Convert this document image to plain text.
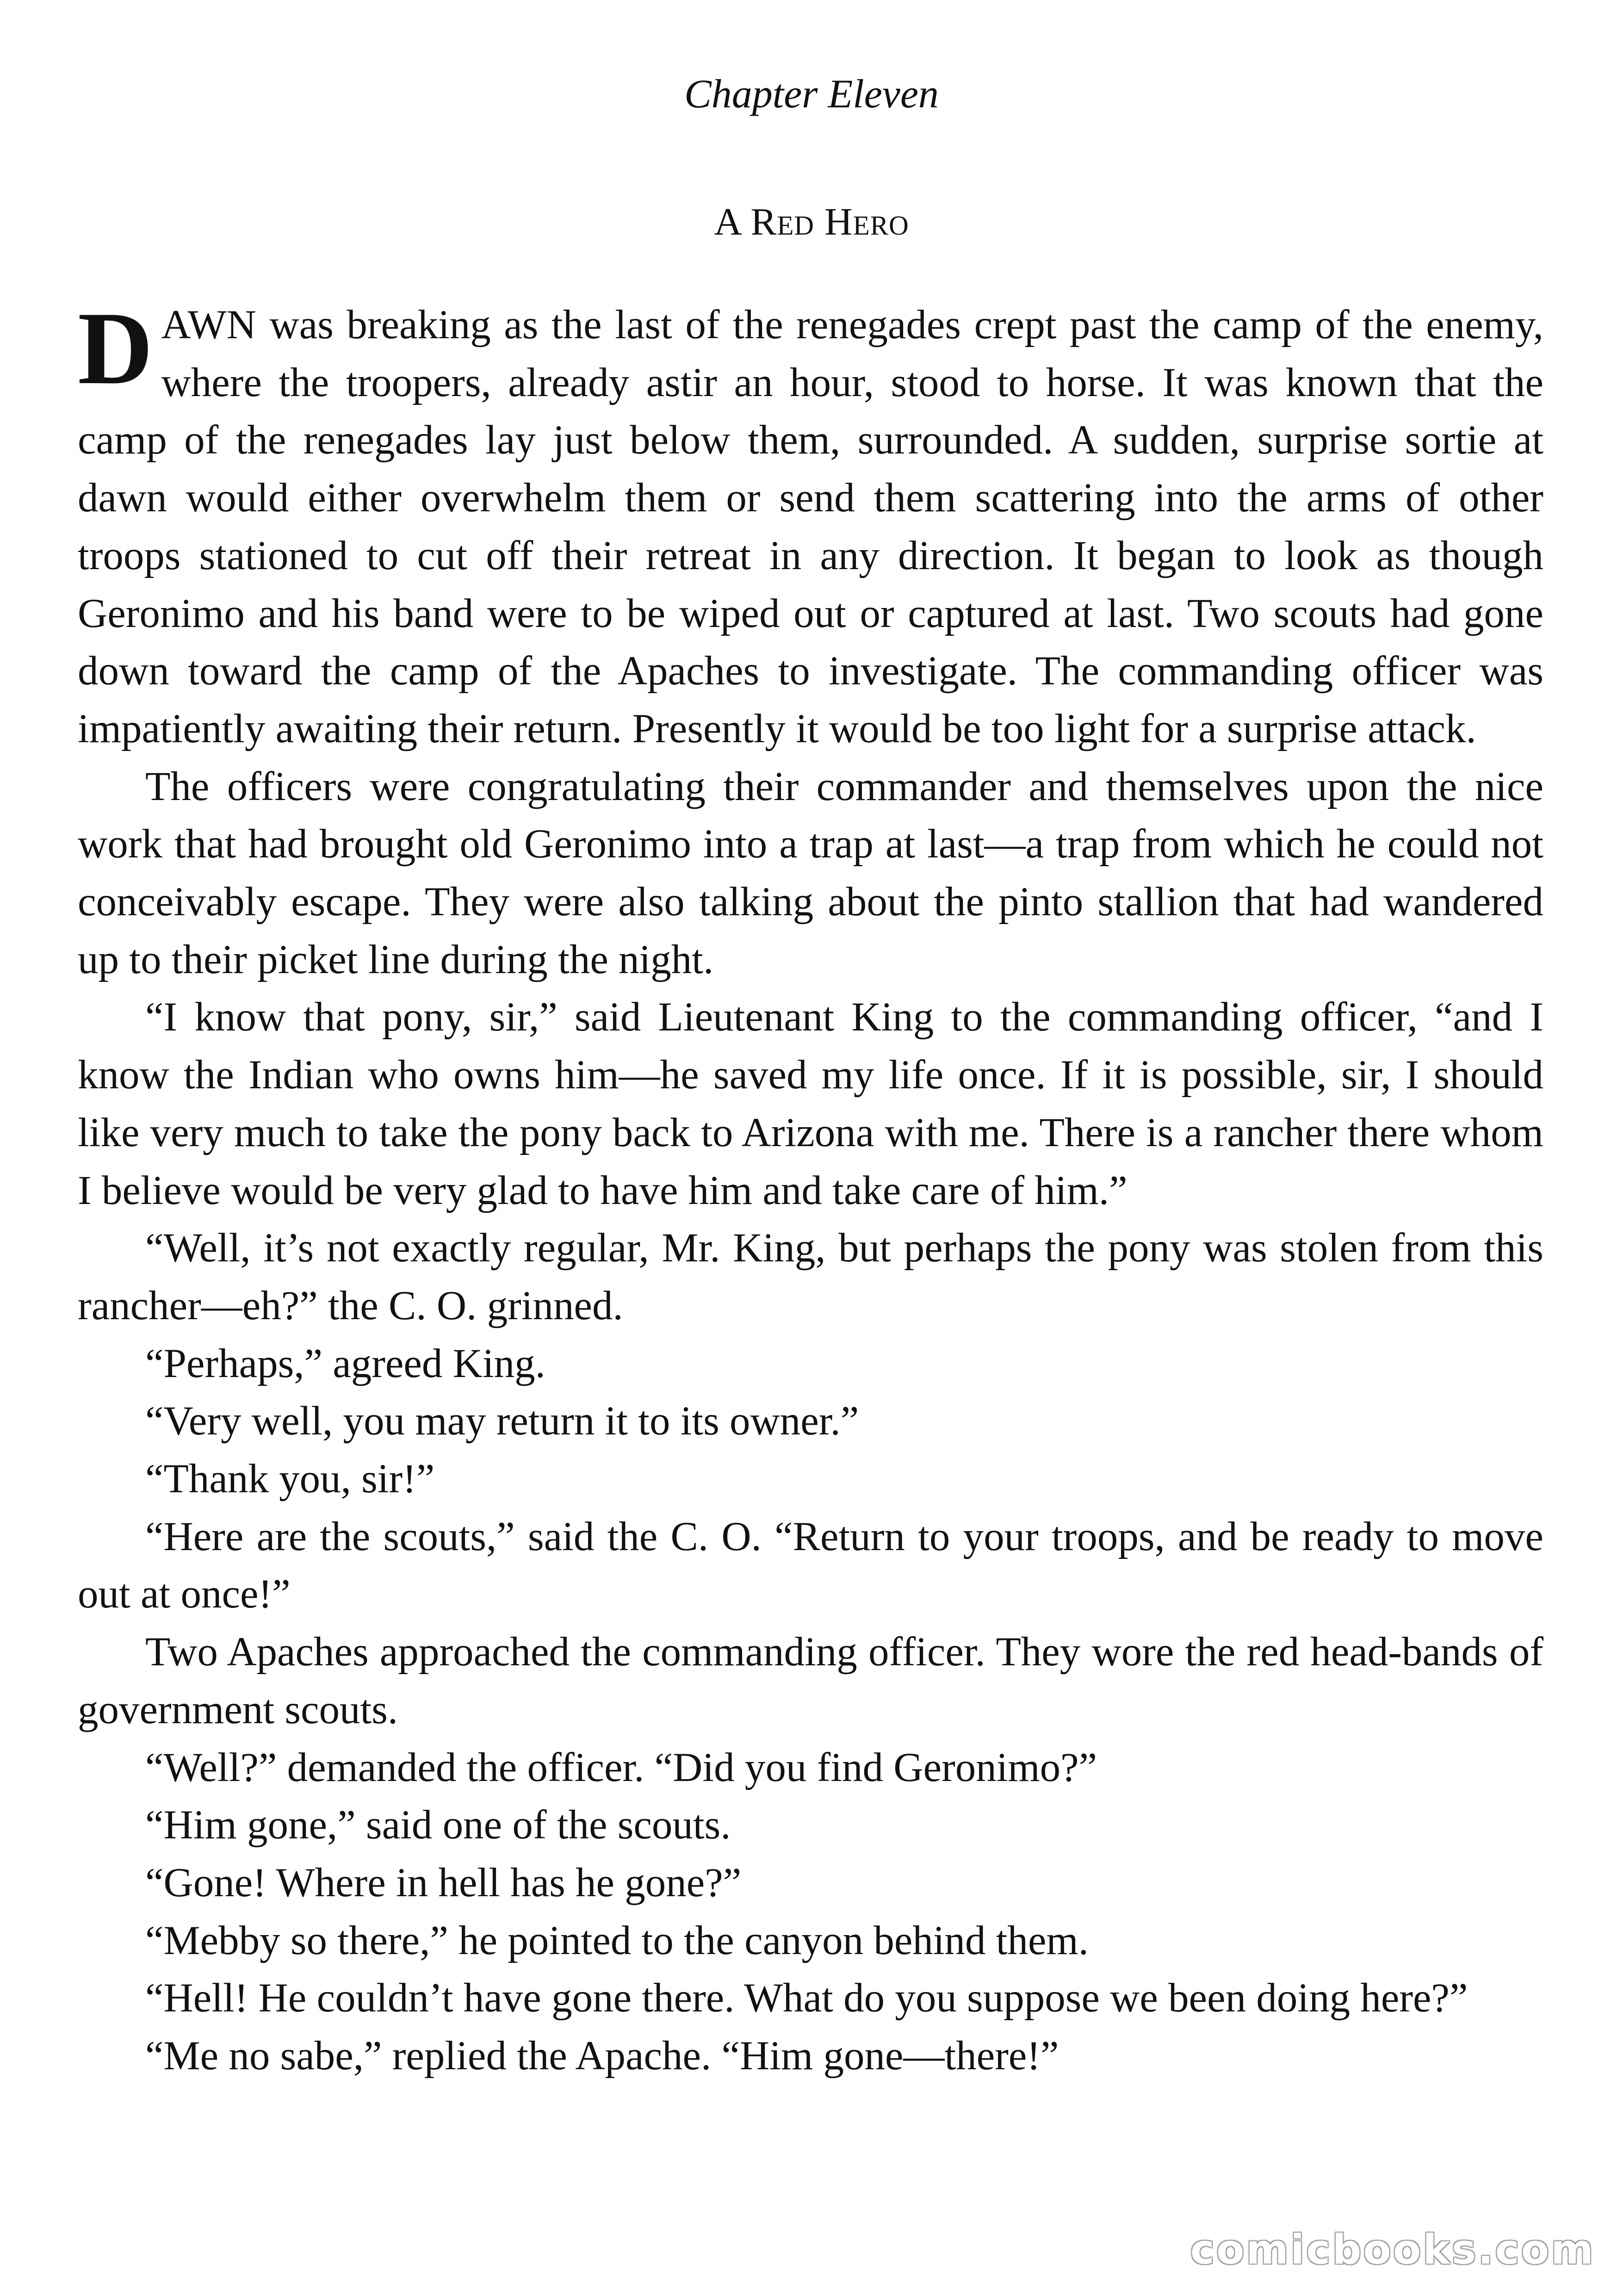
Chapter Eleven
A Red Hero

DAWN was breaking as the last of the renegades crept past the camp of the enemy, where the troopers, already astir an hour, stood to horse. It was known that the camp of the renegades lay just below them, surrounded. A sudden, surprise sortie at dawn would either overwhelm them or send them scattering into the arms of other troops stationed to cut off their retreat in any direction. It began to look as though Geronimo and his band were to be wiped out or captured at last. Two scouts had gone down toward the camp of the Apaches to investigate. The commanding officer was impatiently awaiting their return. Presently it would be too light for a surprise attack.

The officers were congratulating their commander and themselves upon the nice work that had brought old Geronimo into a trap at last—a trap from which he could not conceivably escape. They were also talking about the pinto stallion that had wandered up to their picket line during the night.

“I know that pony, sir,” said Lieutenant King to the commanding officer, “and I know the Indian who owns him—he saved my life once. If it is possible, sir, I should like very much to take the pony back to Arizona with me. There is a rancher there whom I believe would be very glad to have him and take care of him.”

“Well, it’s not exactly regular, Mr. King, but perhaps the pony was stolen from this rancher—eh?” the C. O. grinned.

“Perhaps,” agreed King.

“Very well, you may return it to its owner.”

“Thank you, sir!”

“Here are the scouts,” said the C. O. “Return to your troops, and be ready to move out at once!”

Two Apaches approached the commanding officer. They wore the red head-bands of government scouts.

“Well?” demanded the officer. “Did you find Geronimo?”

“Him gone,” said one of the scouts.

“Gone! Where in hell has he gone?”

“Mebby so there,” he pointed to the canyon behind them.

“Hell! He couldn’t have gone there. What do you suppose we been doing here?”

“Me no sabe,” replied the Apache. “Him gone—there!”

comicbooks.com
